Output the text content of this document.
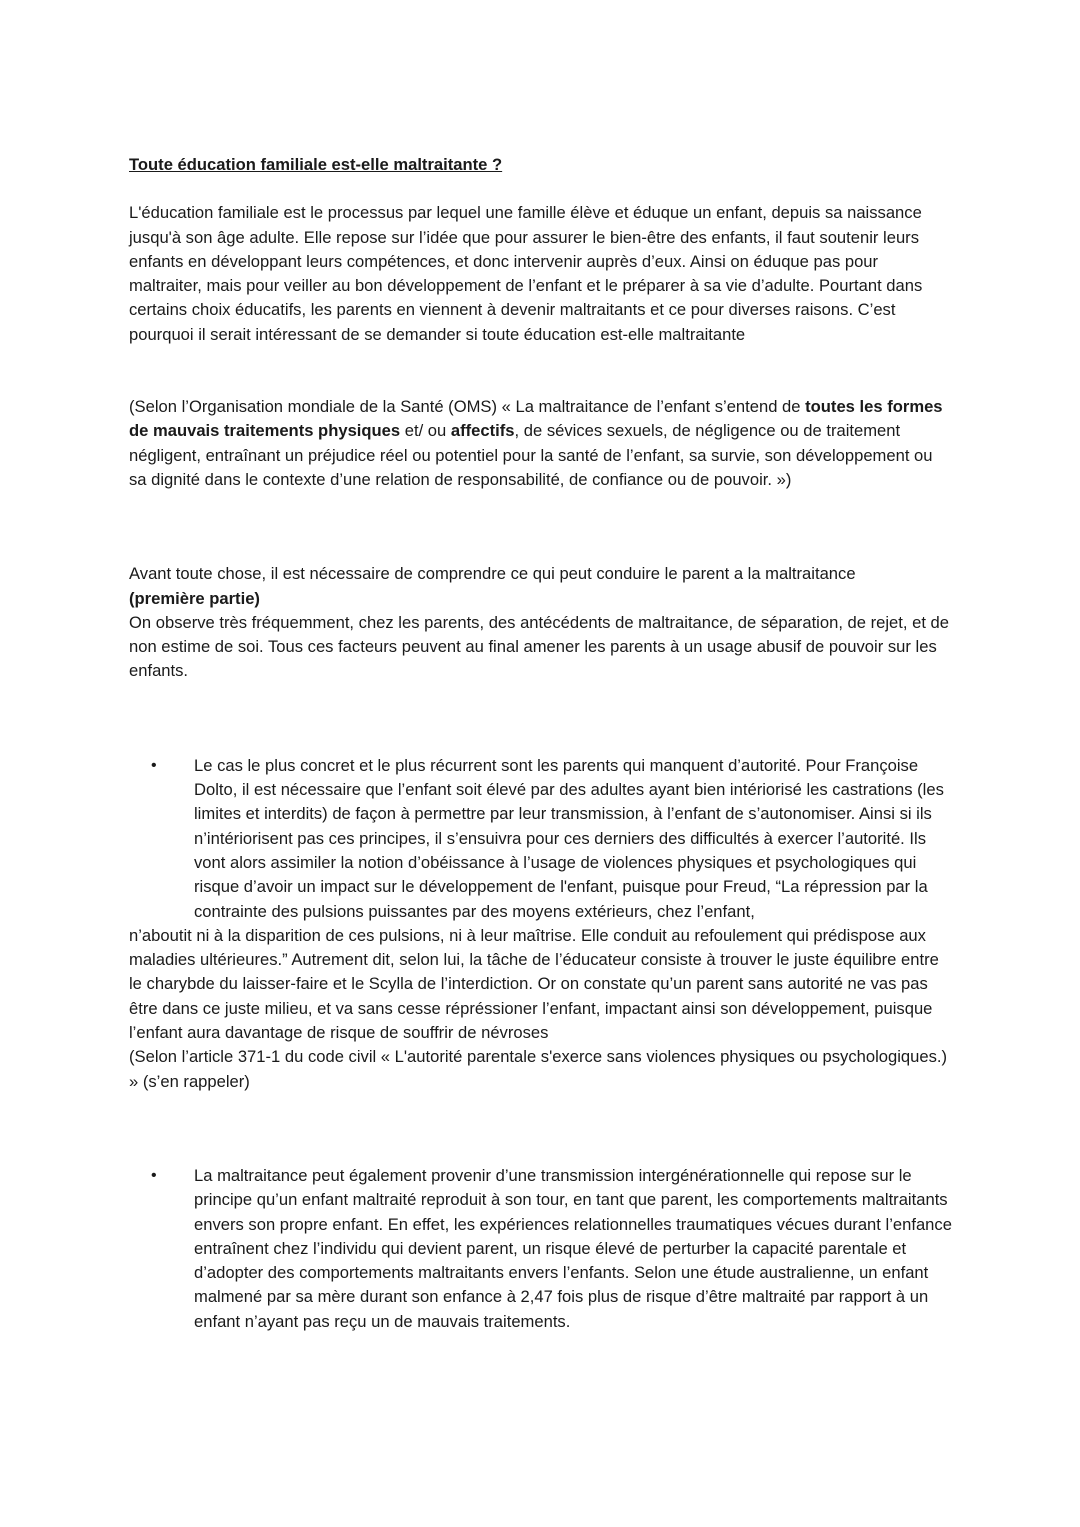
Toute éducation familiale est-elle maltraitante ?

L'éducation familiale est le processus par lequel une famille élève et éduque un enfant, depuis sa naissance jusqu'à son âge adulte. Elle repose sur l’idée que pour assurer le bien-être des enfants, il faut soutenir leurs enfants en développant leurs compétences, et donc intervenir auprès d’eux. Ainsi on éduque pas pour maltraiter, mais pour veiller au bon développement de l’enfant et le préparer à sa vie d’adulte. Pourtant dans certains choix éducatifs, les parents en viennent à devenir maltraitants et ce pour diverses raisons. C’est pourquoi il serait intéressant de se demander si toute éducation est-elle maltraitante

(Selon l’Organisation mondiale de la Santé (OMS) « La maltraitance de l’enfant s’entend de toutes les formes de mauvais traitements physiques et/ ou affectifs, de sévices sexuels, de négligence ou de traitement négligent, entraînant un préjudice réel ou potentiel pour la santé de l’enfant, sa survie, son développement ou sa dignité dans le contexte d’une relation de responsabilité, de confiance ou de pouvoir. »)

Avant toute chose, il est nécessaire de comprendre ce qui peut conduire le parent a la maltraitance

(première partie)

On observe très fréquemment, chez les parents, des antécédents de maltraitance, de séparation, de rejet, et de non estime de soi. Tous ces facteurs peuvent au final amener les parents à un usage abusif de pouvoir sur les enfants.

• Le cas le plus concret et le plus récurrent sont les parents qui manquent d’autorité. Pour Françoise Dolto, il est nécessaire que l’enfant soit élevé par des adultes ayant bien intériorisé les castrations (les limites et interdits) de façon à permettre par leur transmission, à l’enfant de s’autonomiser. Ainsi si ils n’intériorisent pas ces principes, il s’ensuivra pour ces derniers des difficultés à exercer l’autorité. Ils vont alors assimiler la notion d’obéissance à l’usage de violences physiques et psychologiques qui risque d’avoir un impact sur le développement de l'enfant, puisque pour Freud, “La répression par la contrainte des pulsions puissantes par des moyens extérieurs, chez l’enfant,

n’aboutit ni à la disparition de ces pulsions, ni à leur maîtrise. Elle conduit au refoulement qui prédispose aux maladies ultérieures.” Autrement dit, selon lui, la tâche de l’éducateur consiste à trouver le juste équilibre entre le charybde du laisser-faire et le Scylla de l’interdiction. Or on constate qu’un parent sans autorité ne vas pas être dans ce juste milieu, et va sans cesse répréssioner l’enfant, impactant ainsi son développement, puisque l’enfant aura davantage de risque de souffrir de névroses

(Selon l’article 371-1 du code civil « L'autorité parentale s'exerce sans violences physiques ou psychologiques.) » (s’en rappeler)

• La maltraitance peut également provenir d’une transmission intergénérationnelle qui repose sur le principe qu’un enfant maltraité reproduit à son tour, en tant que parent, les comportements maltraitants envers son propre enfant. En effet, les expériences relationnelles traumatiques vécues durant l’enfance entraînent chez l’individu qui devient parent, un risque élevé de perturber la capacité parentale et d’adopter des comportements maltraitants envers l’enfants. Selon une étude australienne, un enfant malmené par sa mère durant son enfance à 2,47 fois plus de risque d’être maltraité par rapport à un enfant n’ayant pas reçu un de mauvais traitements.
